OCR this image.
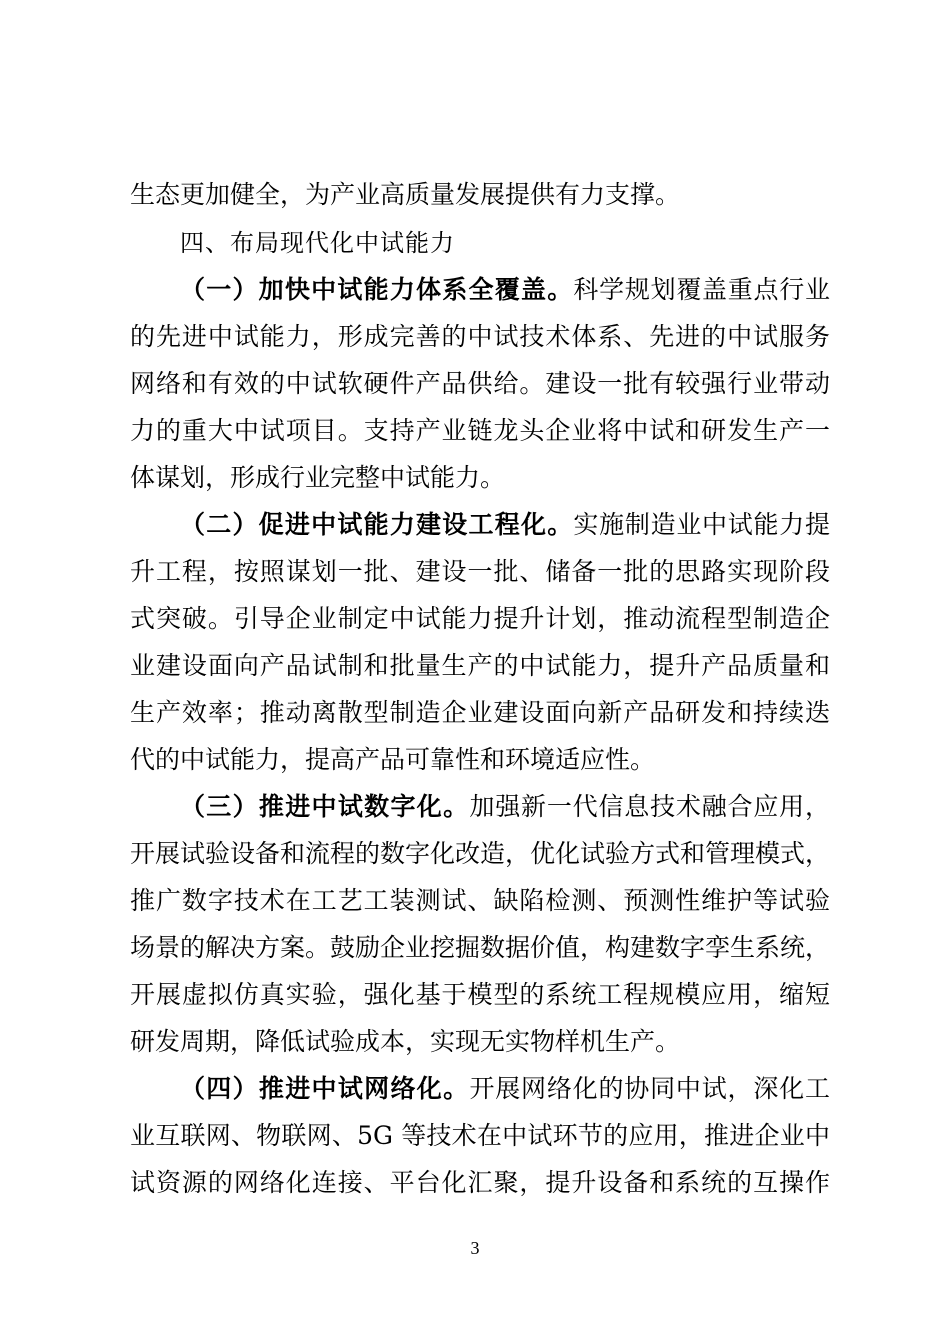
生态更加健全，为产业高质量发展提供有力支撑。
四、布局现代化中试能力
（一）加快中试能力体系全覆盖。科学规划覆盖重点行业
的先进中试能力，形成完善的中试技术体系、先进的中试服务
网络和有效的中试软硬件产品供给。建设一批有较强行业带动
力的重大中试项目。支持产业链龙头企业将中试和研发生产一
体谋划，形成行业完整中试能力。
（二）促进中试能力建设工程化。实施制造业中试能力提
升工程，按照谋划一批、建设一批、储备一批的思路实现阶段
式突破。引导企业制定中试能力提升计划，推动流程型制造企
业建设面向产品试制和批量生产的中试能力，提升产品质量和
生产效率；推动离散型制造企业建设面向新产品研发和持续迭
代的中试能力，提高产品可靠性和环境适应性。
（三）推进中试数字化。加强新一代信息技术融合应用，
开展试验设备和流程的数字化改造，优化试验方式和管理模式，
推广数字技术在工艺工装测试、缺陷检测、预测性维护等试验
场景的解决方案。鼓励企业挖掘数据价值，构建数字孪生系统，
开展虚拟仿真实验，强化基于模型的系统工程规模应用，缩短
研发周期，降低试验成本，实现无实物样机生产。
（四）推进中试网络化。开展网络化的协同中试，深化工
业互联网、物联网、5G 等技术在中试环节的应用，推进企业中
试资源的网络化连接、平台化汇聚，提升设备和系统的互操作
3
